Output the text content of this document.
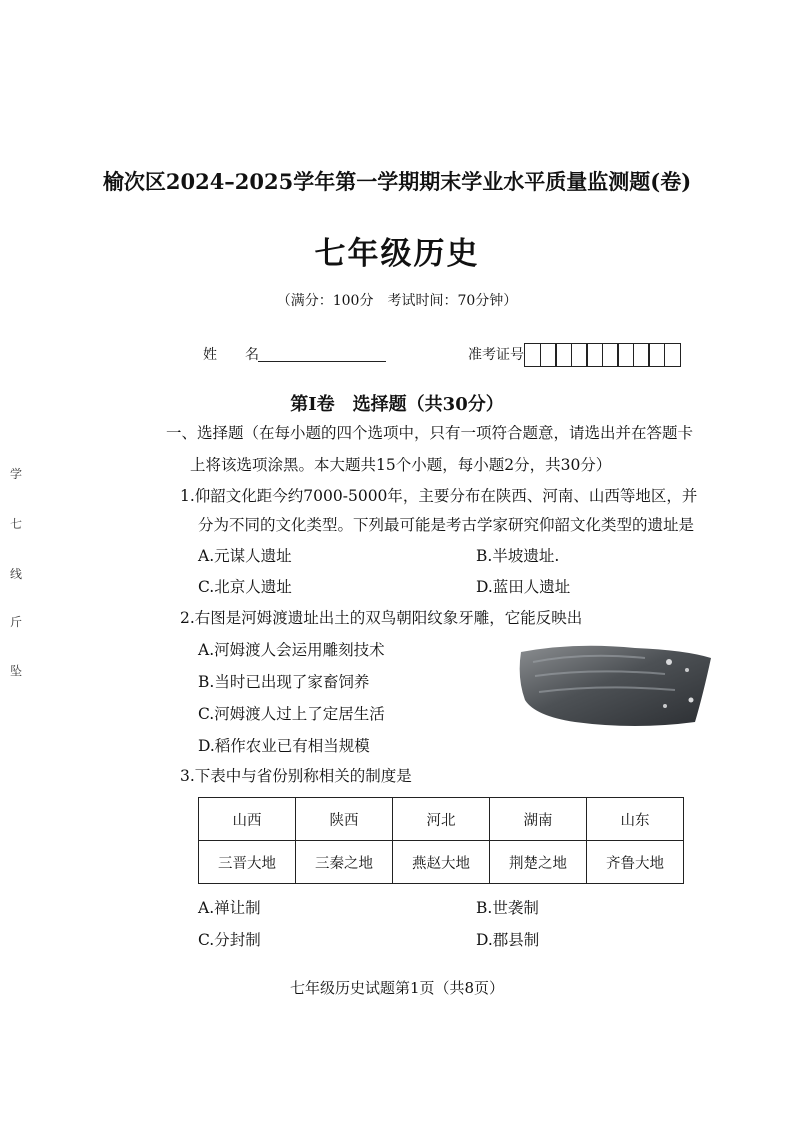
榆次区2024–2025学年第一学期期末学业水平质量监测题(卷)
七年级历史
（满分：100分　考试时间：70分钟）
姓　　名	准考证号
第Ⅰ卷　选择题（共30分）
一、选择题（在每小题的四个选项中，只有一项符合题意，请选出并在答题卡
上将该选项涂黑。本大题共15个小题，每小题2分，共30分）
1.仰韶文化距今约7000-5000年，主要分布在陕西、河南、山西等地区，并
分为不同的文化类型。下列最可能是考古学家研究仰韶文化类型的遗址是
A.元谋人遗址	B.半坡遗址.
C.北京人遗址	D.蓝田人遗址
2.右图是河姆渡遗址出土的双鸟朝阳纹象牙雕，它能反映出
A.河姆渡人会运用雕刻技术
B.当时已出现了家畜饲养
C.河姆渡人过上了定居生活
D.稻作农业已有相当规模
3.下表中与省份别称相关的制度是
山西	陕西	河北	湖南	山东
三晋大地	三秦之地	燕赵大地	荆楚之地	齐鲁大地
A.禅让制	B.世袭制
C.分封制	D.郡县制
学
七
线
斤
坠
七年级历史试题第1页（共8页）
